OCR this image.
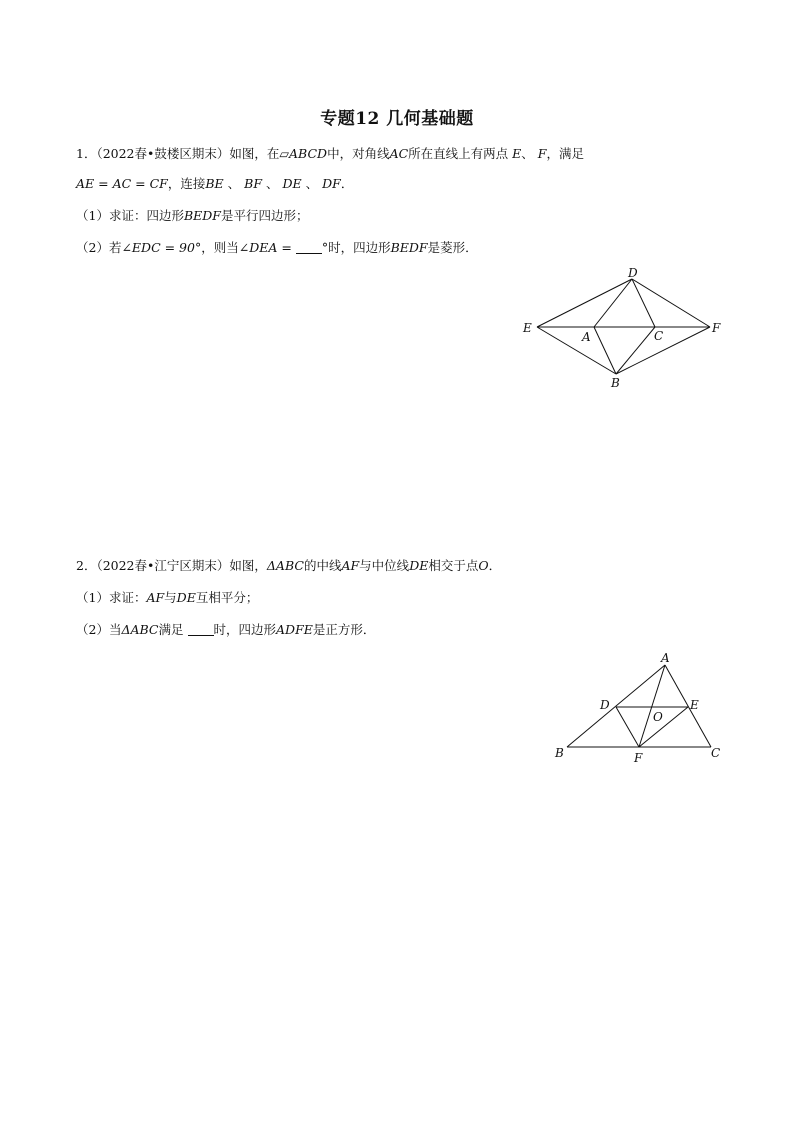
专题12 几何基础题
1．（2022春•鼓楼区期末）如图，在▱ABCD中，对角线AC所在直线上有两点 E、 F，满足
AE = AC = CF，连接BE 、 BF 、 DE 、 DF．
（1）求证：四边形BEDF是平行四边形；
（2）若∠EDC = 90°，则当∠DEA = °时，四边形BEDF是菱形．
D
E
A	C
F
B
2．（2022春•江宁区期末）如图，ΔABC的中线AF与中位线DE相交于点O．
（1）求证：AF与DE互相平分；
（2）当ΔABC满足 时，四边形ADFE是正方形．
A
D	E
O
B	F	C
